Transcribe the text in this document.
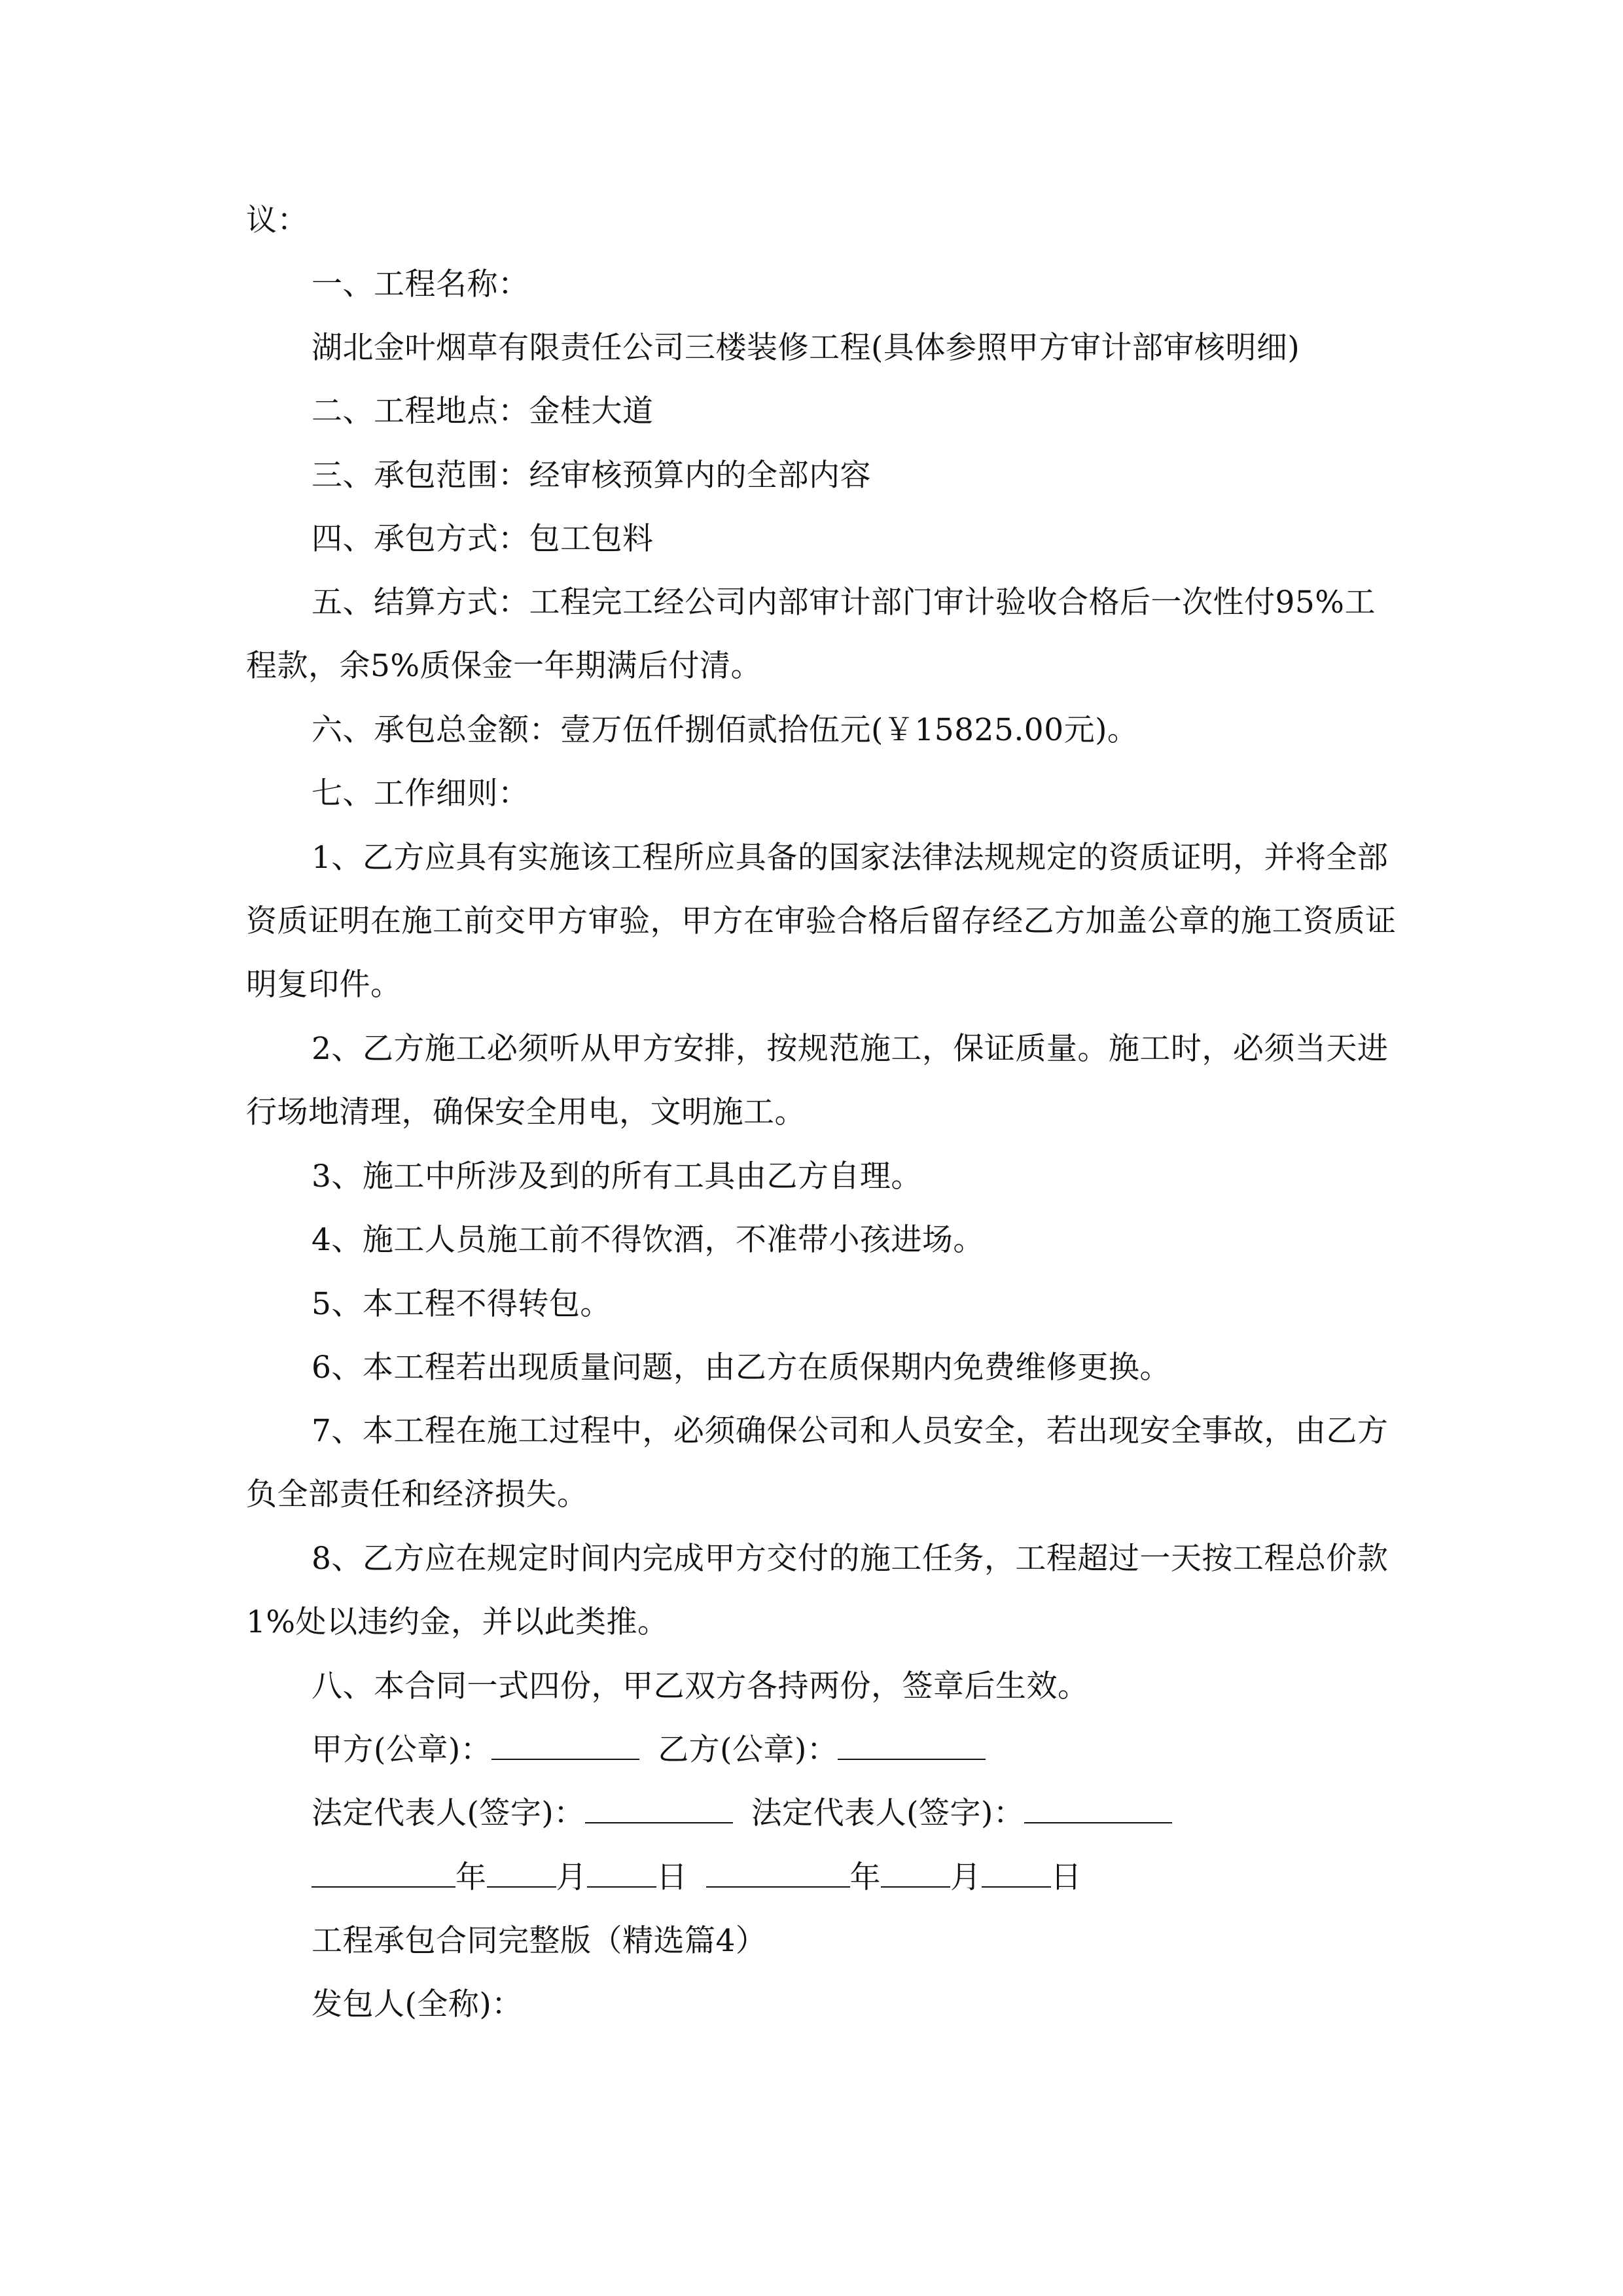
议：

一、工程名称：

湖北金叶烟草有限责任公司三楼装修工程(具体参照甲方审计部审核明细)

二、工程地点：金桂大道

三、承包范围：经审核预算内的全部内容

四、承包方式：包工包料

五、结算方式：工程完工经公司内部审计部门审计验收合格后一次性付95%工程款，余5%质保金一年期满后付清。

六、承包总金额：壹万伍仟捌佰贰拾伍元(￥15825.00元)。

七、工作细则：

1、乙方应具有实施该工程所应具备的国家法律法规规定的资质证明，并将全部资质证明在施工前交甲方审验，甲方在审验合格后留存经乙方加盖公章的施工资质证明复印件。

2、乙方施工必须听从甲方安排，按规范施工，保证质量。施工时，必须当天进行场地清理，确保安全用电，文明施工。

3、施工中所涉及到的所有工具由乙方自理。

4、施工人员施工前不得饮酒，不准带小孩进场。

5、本工程不得转包。

6、本工程若出现质量问题，由乙方在质保期内免费维修更换。

7、本工程在施工过程中，必须确保公司和人员安全，若出现安全事故，由乙方负全部责任和经济损失。

8、乙方应在规定时间内完成甲方交付的施工任务，工程超过一天按工程总价款1%处以违约金，并以此类推。

八、本合同一式四份，甲乙双方各持两份，签章后生效。

甲方(公章)：	乙方(公章)：

法定代表人(签字)：	法定代表人(签字)：

年 月 日	年 月 日

工程承包合同完整版（精选篇4）

发包人(全称)：
